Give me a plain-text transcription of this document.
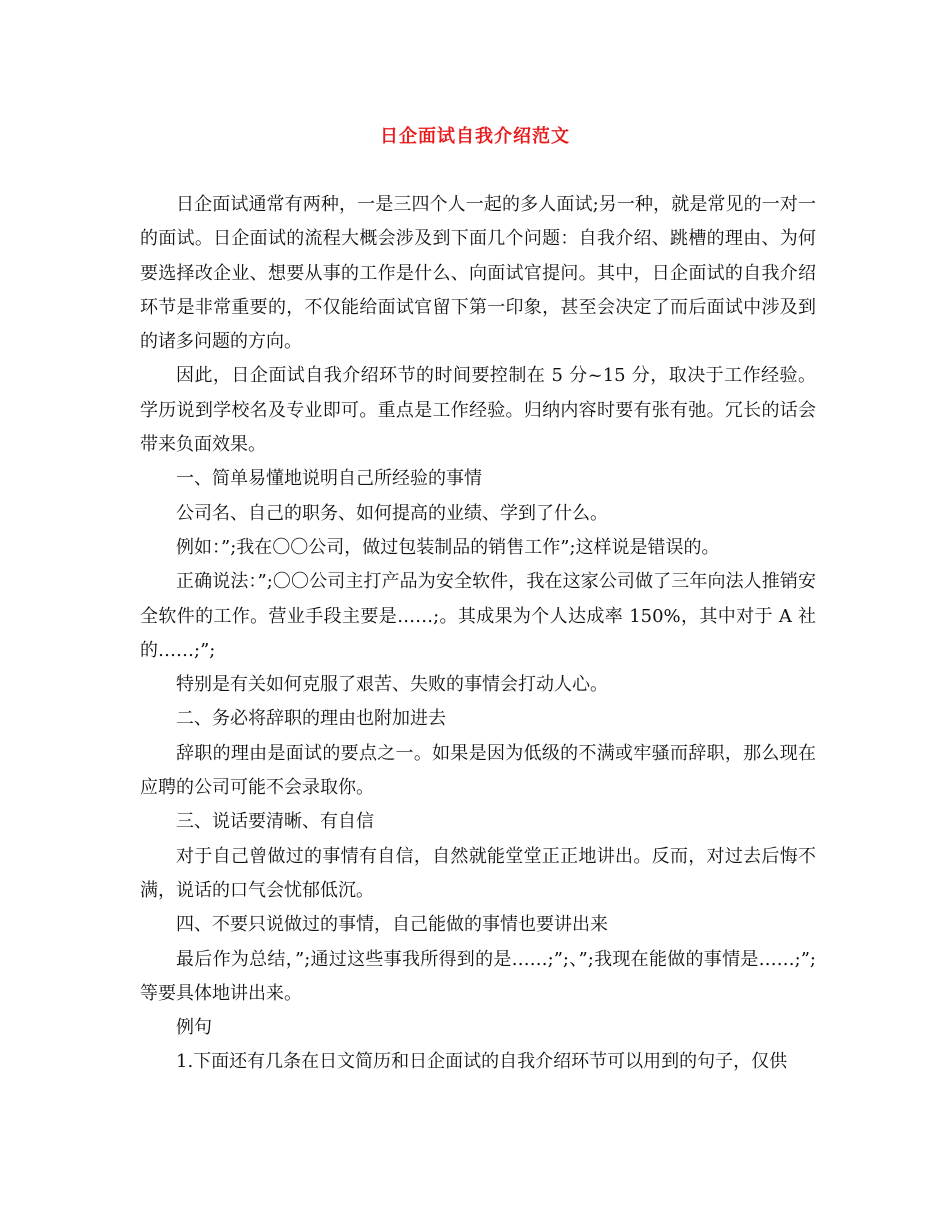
日企面试自我介绍范文

日企面试通常有两种，一是三四个人一起的多人面试;另一种，就是常见的一对一的面试。日企面试的流程大概会涉及到下面几个问题：自我介绍、跳槽的理由、为何要选择改企业、想要从事的工作是什么、向面试官提问。其中，日企面试的自我介绍环节是非常重要的，不仅能给面试官留下第一印象，甚至会决定了而后面试中涉及到的诸多问题的方向。

因此，日企面试自我介绍环节的时间要控制在 5 分~15 分，取决于工作经验。学历说到学校名及专业即可。重点是工作经验。归纳内容时要有张有弛。冗长的话会带来负面效果。

一、简单易懂地说明自己所经验的事情

公司名、自己的职务、如何提高的业绩、学到了什么。

例如：”;我在〇〇公司，做过包装制品的销售工作”;这样说是错误的。

正确说法：”;〇〇公司主打产品为安全软件，我在这家公司做了三年向法人推销安全软件的工作。营业手段主要是……;。其成果为个人达成率 150%，其中对于 A 社的……;”;

特别是有关如何克服了艰苦、失败的事情会打动人心。

二、务必将辞职的理由也附加进去

辞职的理由是面试的要点之一。如果是因为低级的不满或牢骚而辞职，那么现在应聘的公司可能不会录取你。

三、说话要清晰、有自信

对于自己曾做过的事情有自信，自然就能堂堂正正地讲出。反而，对过去后悔不满，说话的口气会忧郁低沉。

四、不要只说做过的事情，自己能做的事情也要讲出来

最后作为总结，”;通过这些事我所得到的是……;”;、”;我现在能做的事情是……;”;等要具体地讲出来。

例句

1.下面还有几条在日文简历和日企面试的自我介绍环节可以用到的句子，仅供
